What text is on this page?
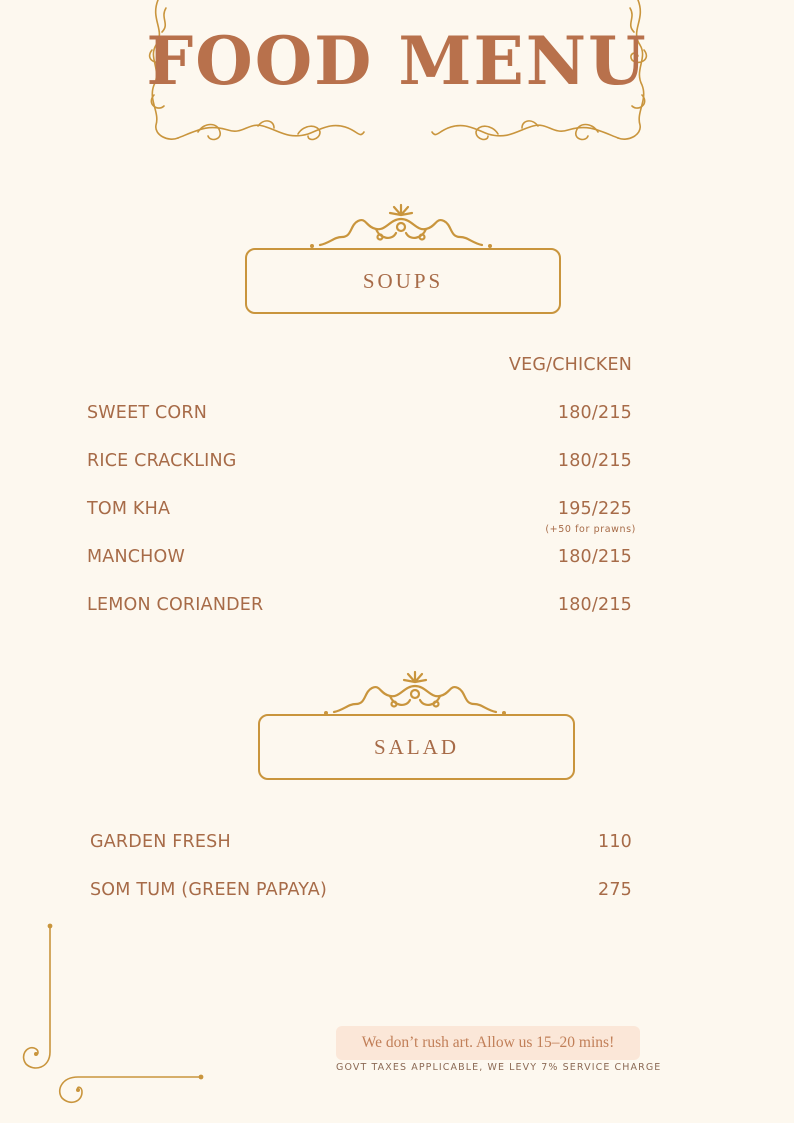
FOOD MENU
SOUPS
VEG/CHICKEN
SWEET CORN	180/215
RICE CRACKLING	180/215
TOM KHA	195/225
(+50 for prawns)
MANCHOW	180/215
LEMON CORIANDER	180/215
SALAD
GARDEN FRESH	110
SOM TUM (GREEN PAPAYA)	275
We don’t rush art. Allow us 15–20 mins!
GOVT TAXES APPLICABLE, WE LEVY 7% SERVICE CHARGE
